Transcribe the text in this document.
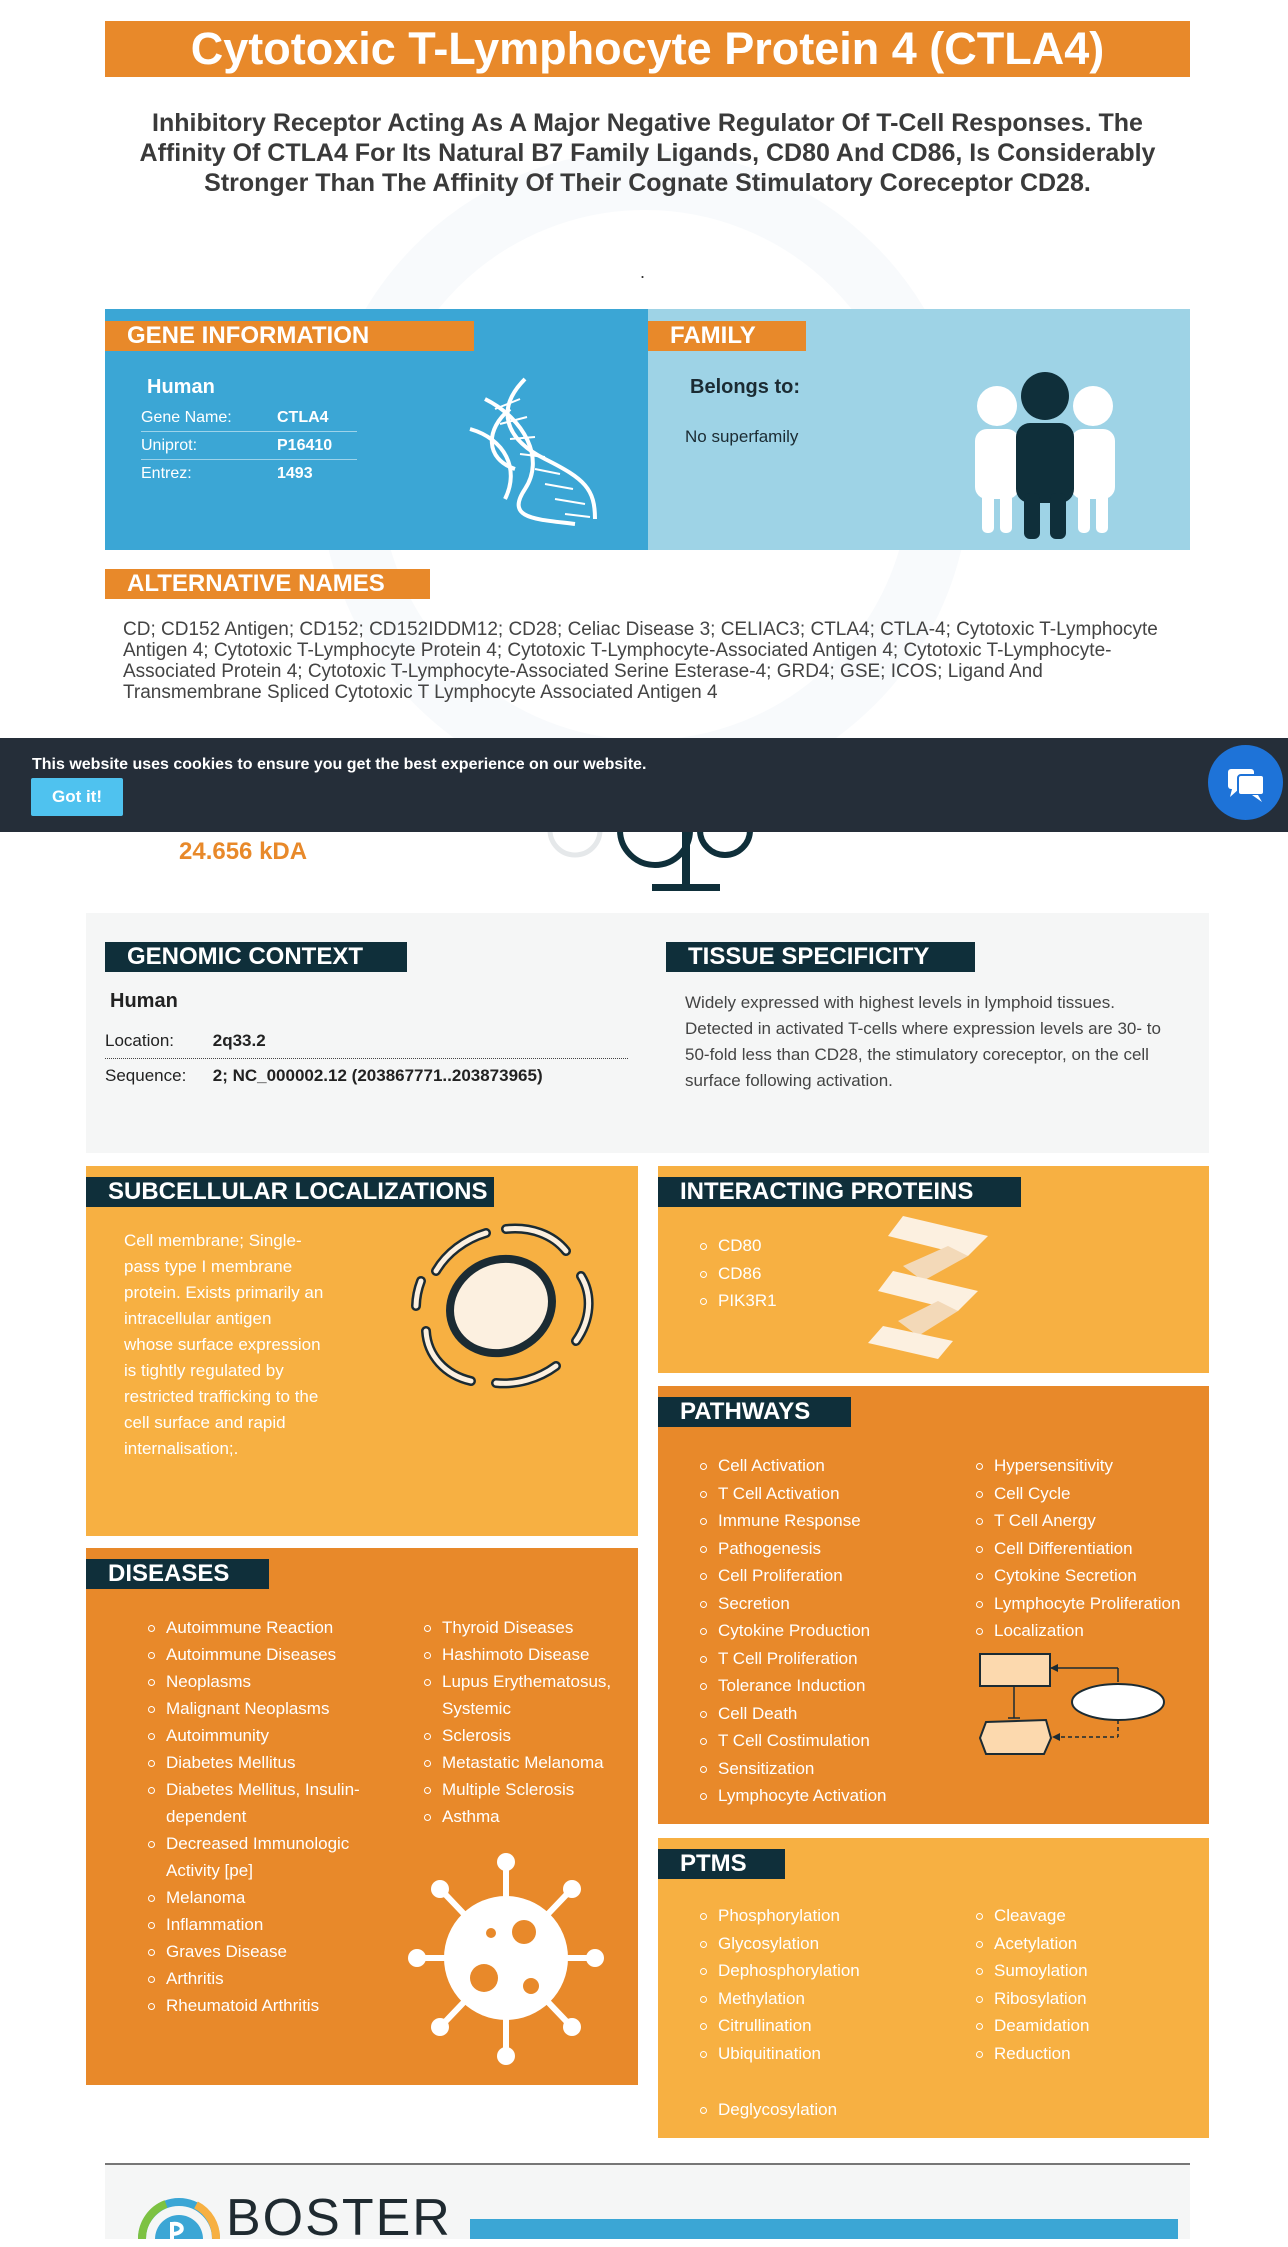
Cytotoxic T-Lymphocyte Protein 4 (CTLA4)
Inhibitory Receptor Acting As A Major Negative Regulator Of T-Cell Responses. The Affinity Of CTLA4 For Its Natural B7 Family Ligands, CD80 And CD86, Is Considerably Stronger Than The Affinity Of Their Cognate Stimulatory Coreceptor CD28.
.
GENE INFORMATION
Human
Gene Name:	CTLA4
Uniprot:	P16410
Entrez:	1493
FAMILY
Belongs to:
No superfamily
ALTERNATIVE NAMES
CD; CD152 Antigen; CD152; CD152IDDM12; CD28; Celiac Disease 3; CELIAC3; CTLA4; CTLA-4; Cytotoxic T-Lymphocyte Antigen 4; Cytotoxic T-Lymphocyte Protein 4; Cytotoxic T-Lymphocyte-Associated Antigen 4; Cytotoxic T-Lymphocyte-Associated Protein 4; Cytotoxic T-Lymphocyte-Associated Serine Esterase-4; GRD4; GSE; ICOS; Ligand And Transmembrane Spliced Cytotoxic T Lymphocyte Associated Antigen 4
This website uses cookies to ensure you get the best experience on our website.
Got it!
24.656 kDA
GENOMIC CONTEXT
Human
Location: 2q33.2
Sequence: 2; NC_000002.12 (203867771..203873965)
TISSUE SPECIFICITY
Widely expressed with highest levels in lymphoid tissues. Detected in activated T-cells where expression levels are 30- to 50-fold less than CD28, the stimulatory coreceptor, on the cell surface following activation.
SUBCELLULAR LOCALIZATIONS
Cell membrane; Single-pass type I membrane protein. Exists primarily an intracellular antigen whose surface expression is tightly regulated by restricted trafficking to the cell surface and rapid internalisation;.
CD80
CD86
PIK3R1
INTERACTING PROTEINS
Cell Activation
T Cell Activation
Immune Response
Pathogenesis
Cell Proliferation
Secretion
Cytokine Production
T Cell Proliferation
Tolerance Induction
Cell Death
T Cell Costimulation
Sensitization
Lymphocyte Activation
Hypersensitivity
Cell Cycle
T Cell Anergy
Cell Differentiation
Cytokine Secretion
Lymphocyte Proliferation
Localization
PATHWAYS
Autoimmune Reaction
Autoimmune Diseases
Neoplasms
Malignant Neoplasms
Autoimmunity
Diabetes Mellitus
Diabetes Mellitus, Insulin-dependent
Decreased Immunologic Activity [pe]
Melanoma
Inflammation
Graves Disease
Arthritis
Rheumatoid Arthritis
Thyroid Diseases
Hashimoto Disease
Lupus Erythematosus, Systemic
Sclerosis
Metastatic Melanoma
Multiple Sclerosis
Asthma
DISEASES
Phosphorylation
Glycosylation
Dephosphorylation
Methylation
Citrullination
Ubiquitination
Cleavage
Acetylation
Sumoylation
Ribosylation
Deamidation
Reduction
Deglycosylation
PTMS
BOSTER
